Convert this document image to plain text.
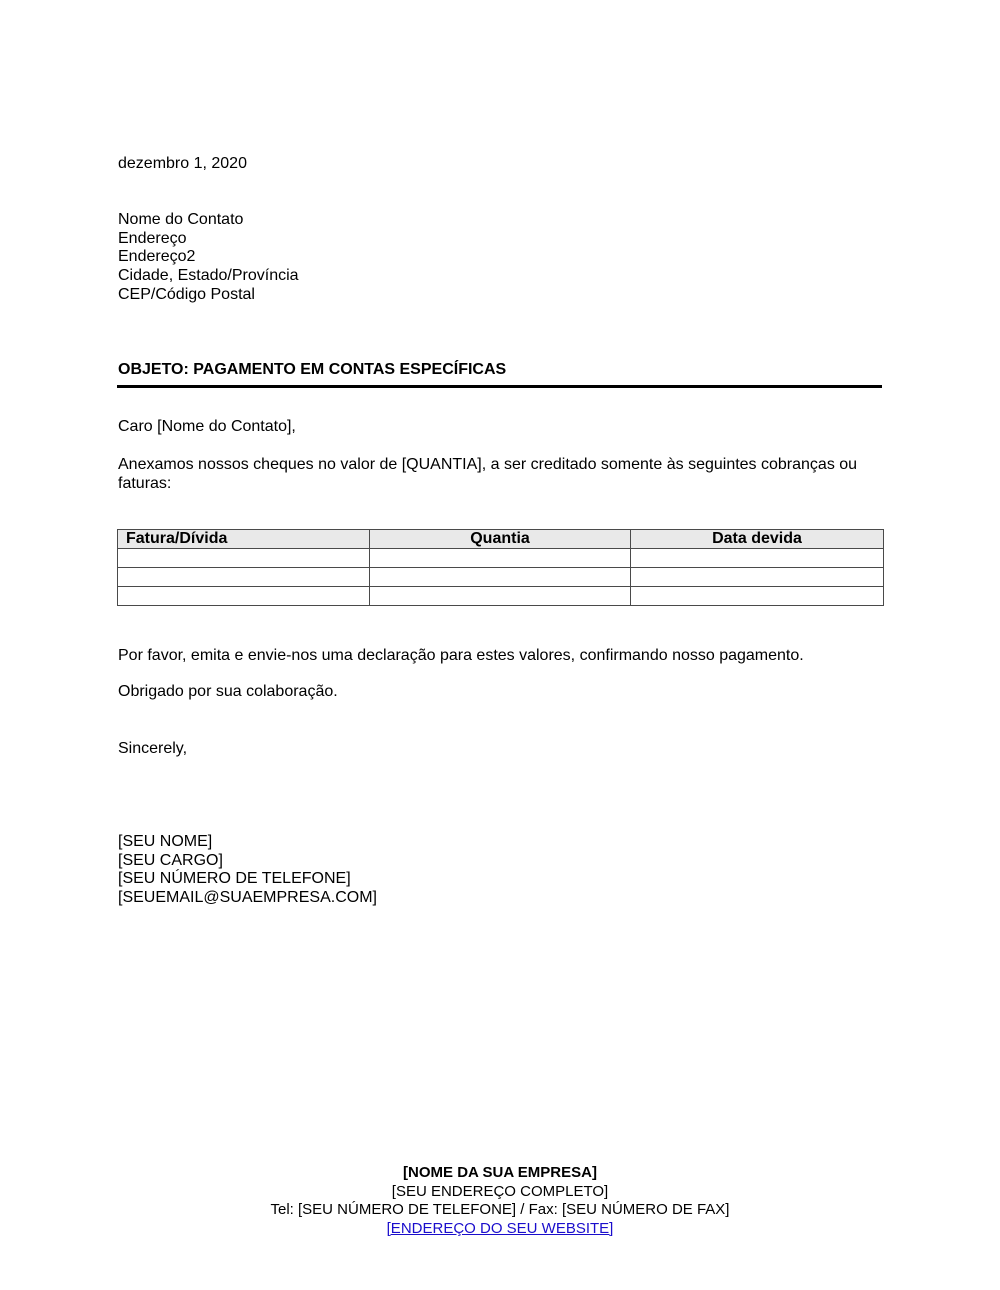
dezembro 1, 2020
Nome do Contato
Endereço
Endereço2
Cidade, Estado/Província
CEP/Código Postal
OBJETO: PAGAMENTO EM CONTAS ESPECÍFICAS
Caro [Nome do Contato],
Anexamos nossos cheques no valor de [QUANTIA], a ser creditado somente às seguintes cobranças ou faturas:
Fatura/Dívida	Quantia	Data devida

Por favor, emita e envie-nos uma declaração para estes valores, confirmando nosso pagamento.
Obrigado por sua colaboração.
Sincerely,
[SEU NOME]
[SEU CARGO]
[SEU NÚMERO DE TELEFONE]
[SEUEMAIL@SUAEMPRESA.COM]
[NOME DA SUA EMPRESA]
[SEU ENDEREÇO COMPLETO]
Tel: [SEU NÚMERO DE TELEFONE] / Fax: [SEU NÚMERO DE FAX]
[ENDEREÇO DO SEU WEBSITE]
